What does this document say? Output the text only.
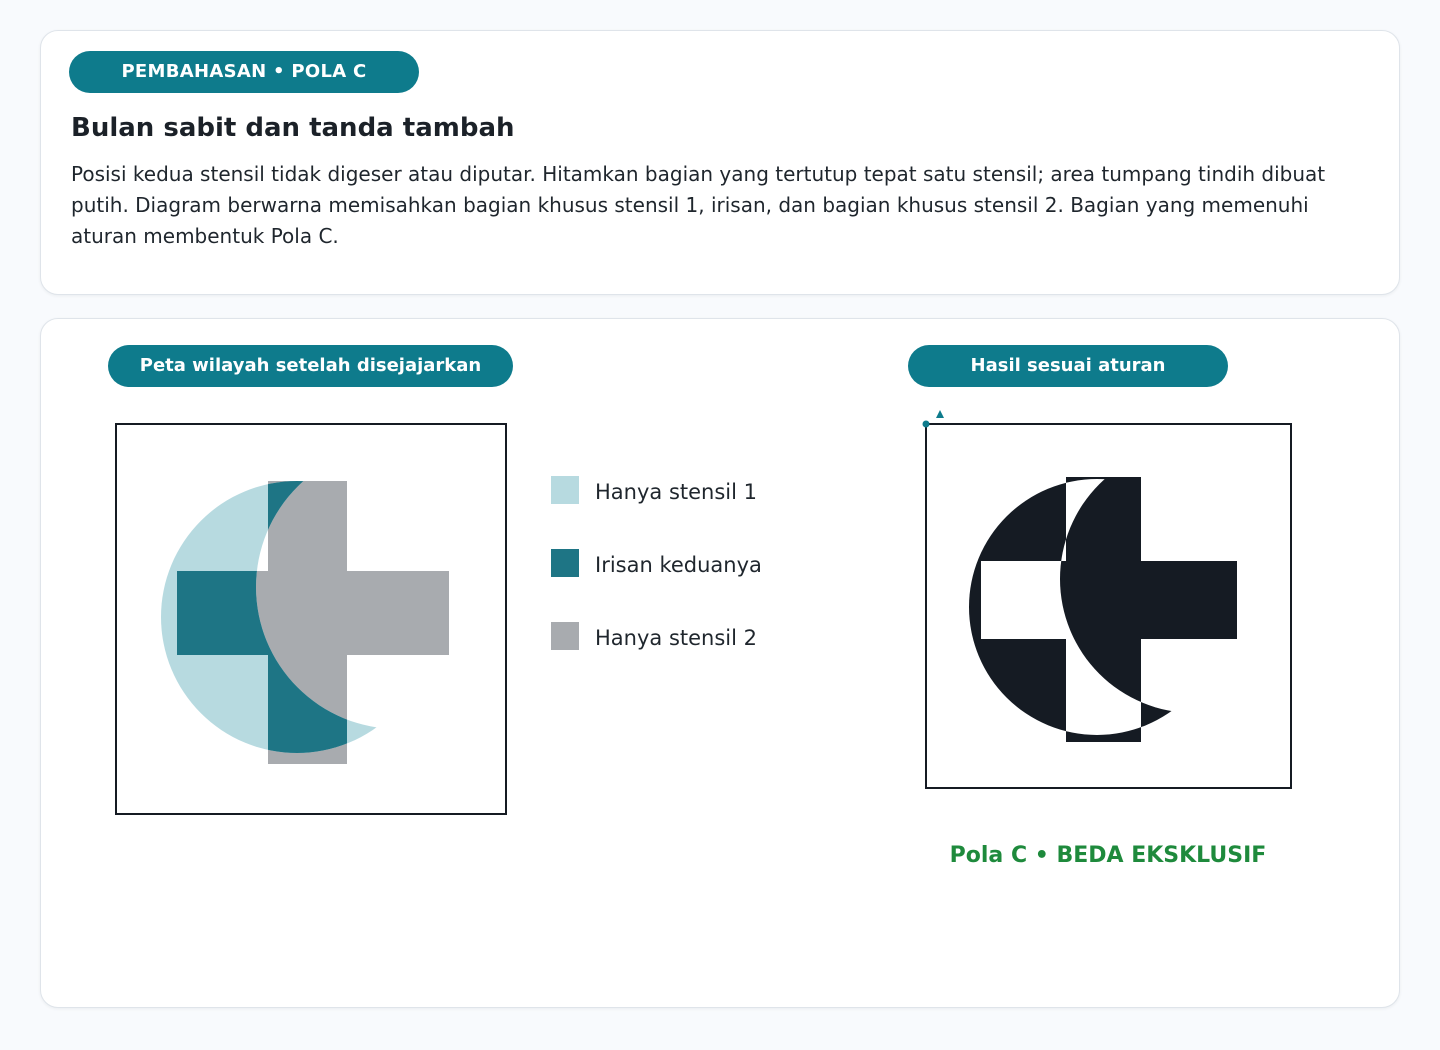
PEMBAHASAN • POLA C
Bulan sabit dan tanda tambah
Posisi kedua stensil tidak digeser atau diputar. Hitamkan bagian yang tertutup tepat satu stensil; area tumpang tindih dibuat putih. Diagram berwarna memisahkan bagian khusus stensil 1, irisan, dan bagian khusus stensil 2. Bagian yang memenuhi aturan membentuk Pola C.
Peta wilayah setelah disejajarkan	Hasil sesuai aturan
Hanya stensil 1
Irisan keduanya
Hanya stensil 2
Pola C • BEDA EKSKLUSIF
